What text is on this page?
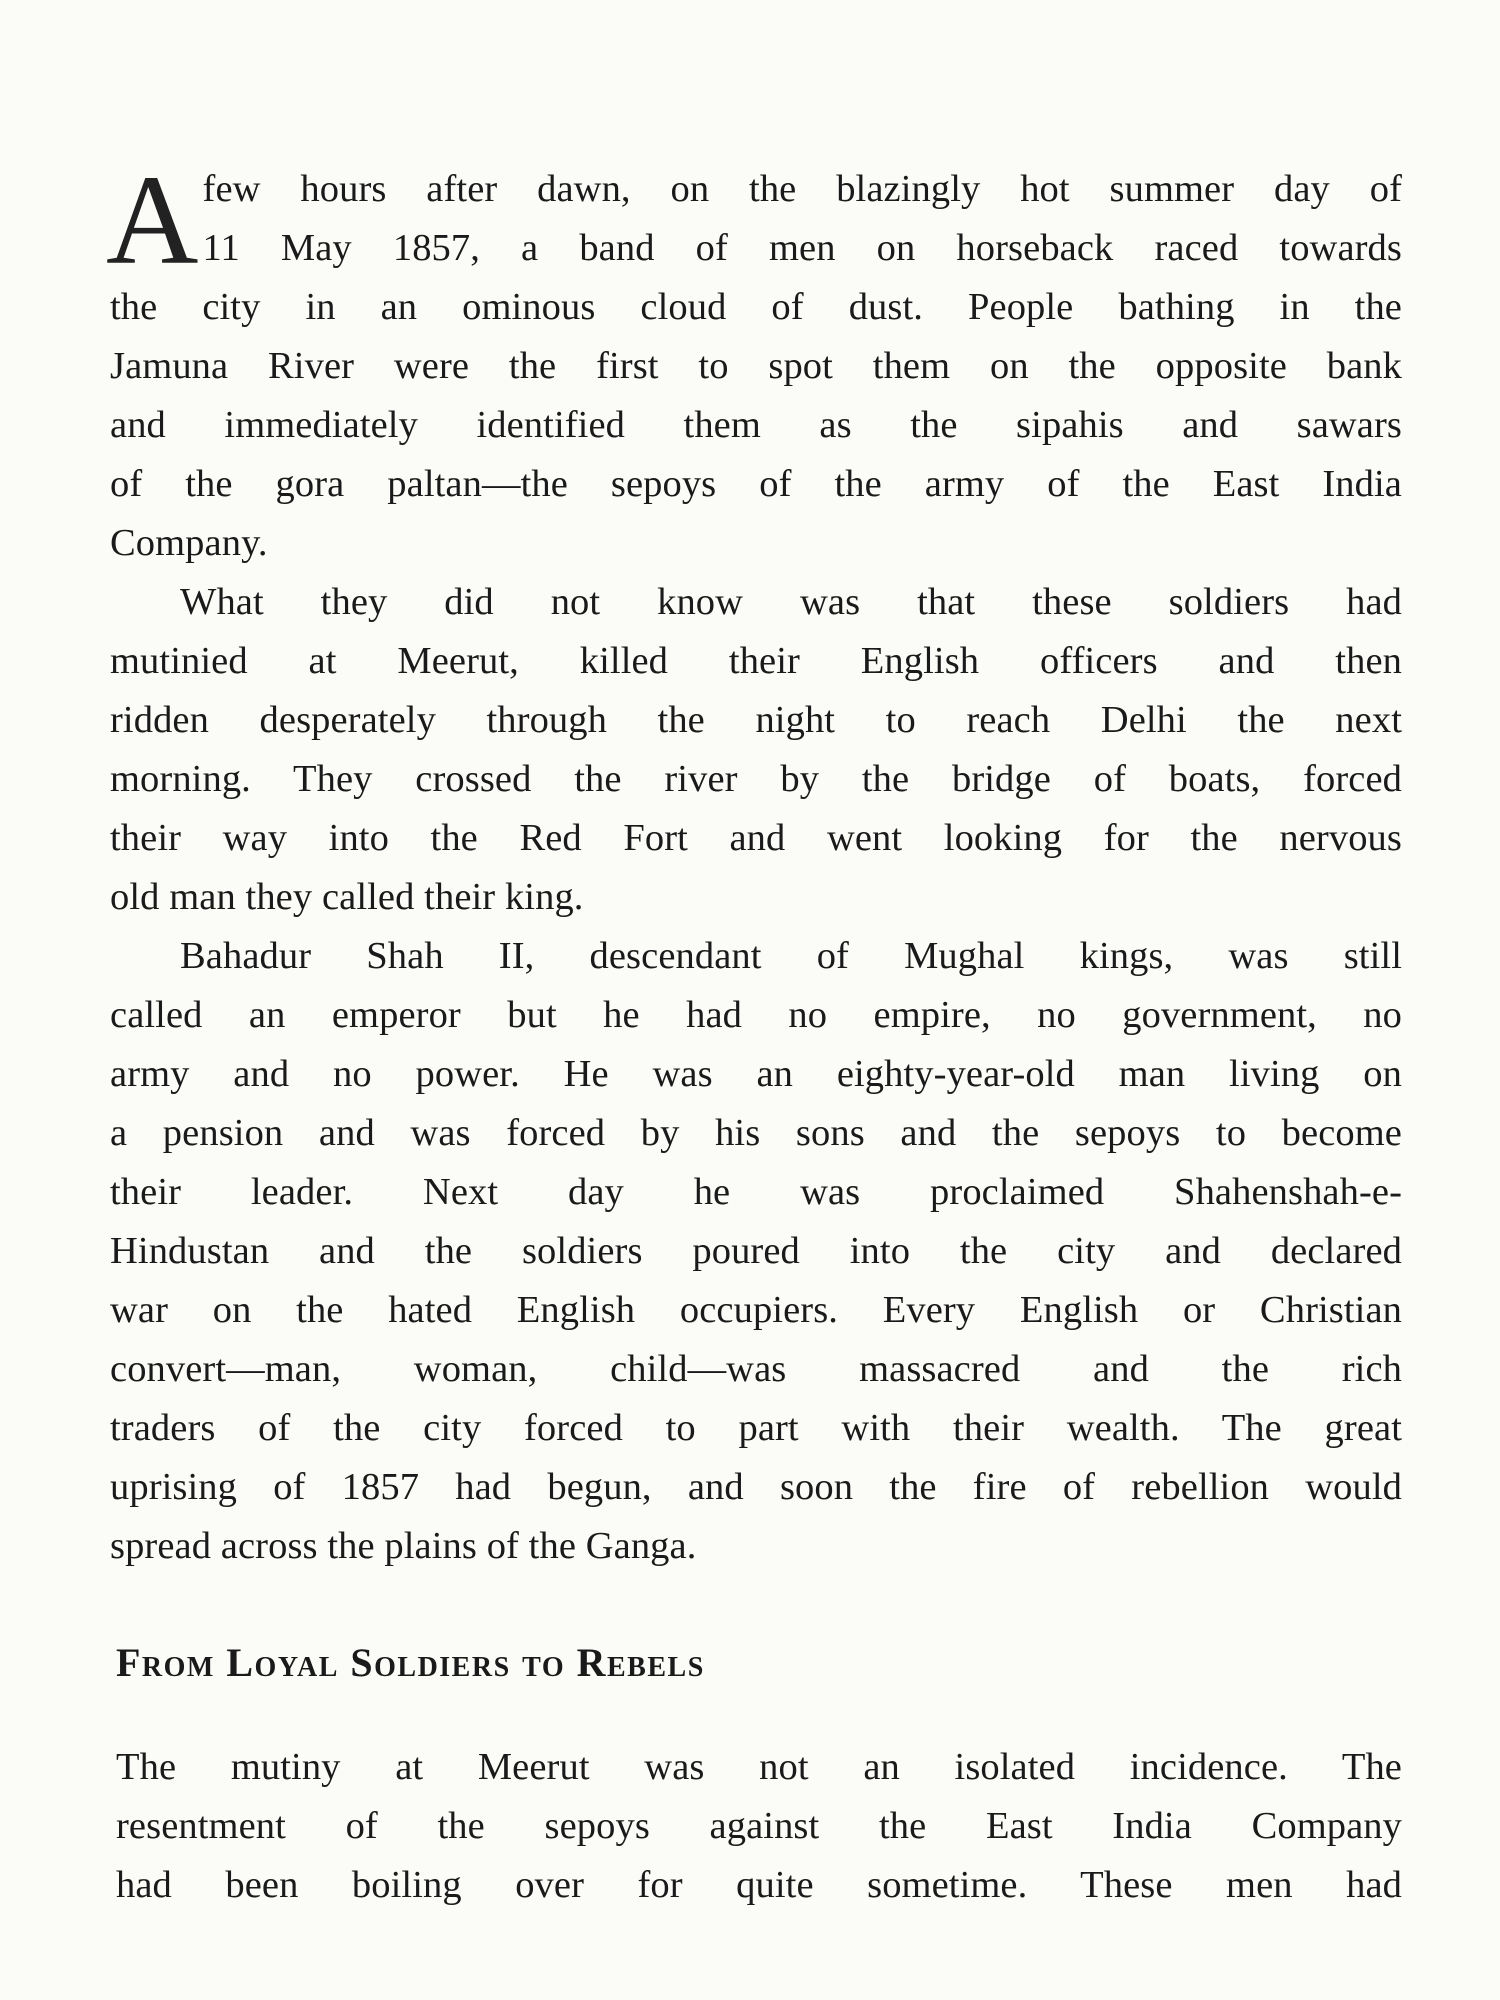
A few hours after dawn, on the blazingly hot summer day of
11 May 1857, a band of men on horseback raced towards
the city in an ominous cloud of dust. People bathing in the
Jamuna River were the first to spot them on the opposite bank
and immediately identified them as the sipahis and sawars
of the gora paltan—the sepoys of the army of the East India
Company.
What they did not know was that these soldiers had
mutinied at Meerut, killed their English officers and then
ridden desperately through the night to reach Delhi the next
morning. They crossed the river by the bridge of boats, forced
their way into the Red Fort and went looking for the nervous
old man they called their king.
Bahadur Shah II, descendant of Mughal kings, was still
called an emperor but he had no empire, no government, no
army and no power. He was an eighty-year-old man living on
a pension and was forced by his sons and the sepoys to become
their leader. Next day he was proclaimed Shahenshah-e-
Hindustan and the soldiers poured into the city and declared
war on the hated English occupiers. Every English or Christian
convert—man, woman, child—was massacred and the rich
traders of the city forced to part with their wealth. The great
uprising of 1857 had begun, and soon the fire of rebellion would
spread across the plains of the Ganga.
From Loyal Soldiers to Rebels
The mutiny at Meerut was not an isolated incidence. The
resentment of the sepoys against the East India Company
had been boiling over for quite sometime. These men had
